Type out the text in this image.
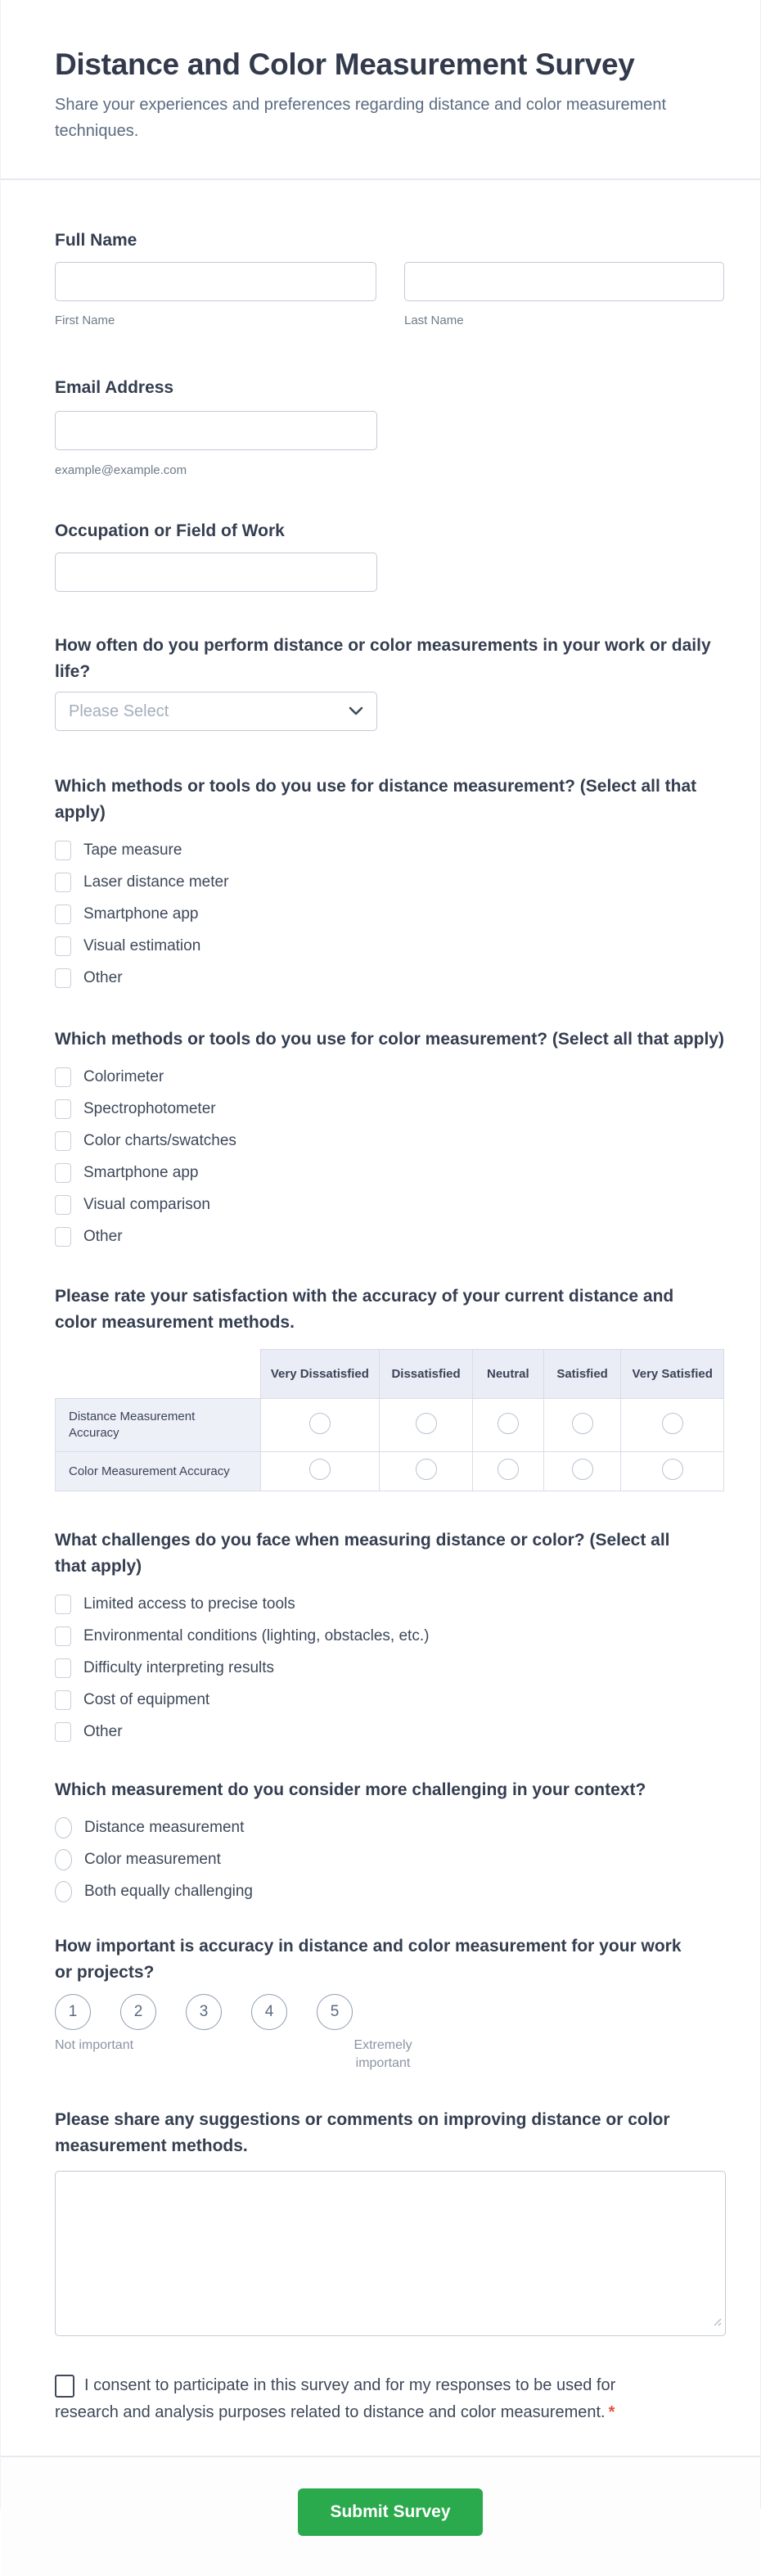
Distance and Color Measurement Survey

Share your experiences and preferences regarding distance and color measurement techniques.

Full Name
First Name	Last Name
Email Address
example@example.com
Occupation or Field of Work
How often do you perform distance or color measurements in your work or daily life?
Please Select
Which methods or tools do you use for distance measurement? (Select all that apply)
Tape measure
Laser distance meter
Smartphone app
Visual estimation
Other
Which methods or tools do you use for color measurement? (Select all that apply)
Colorimeter
Spectrophotometer
Color charts/swatches
Smartphone app
Visual comparison
Other
Please rate your satisfaction with the accuracy of your current distance and color measurement methods.
	Very Dissatisfied	Dissatisfied	Neutral	Satisfied	Very Satisfied
Distance Measurement Accuracy					
Color Measurement Accuracy					
What challenges do you face when measuring distance or color? (Select all that apply)
Limited access to precise tools
Environmental conditions (lighting, obstacles, etc.)
Difficulty interpreting results
Cost of equipment
Other
Which measurement do you consider more challenging in your context?
Distance measurement
Color measurement
Both equally challenging
How important is accuracy in distance and color measurement for your work or projects?
1	2	3	4	5
Not important	Extremely important
Please share any suggestions or comments on improving distance or color measurement methods.
I consent to participate in this survey and for my responses to be used for research and analysis purposes related to distance and color measurement. *
Submit Survey
